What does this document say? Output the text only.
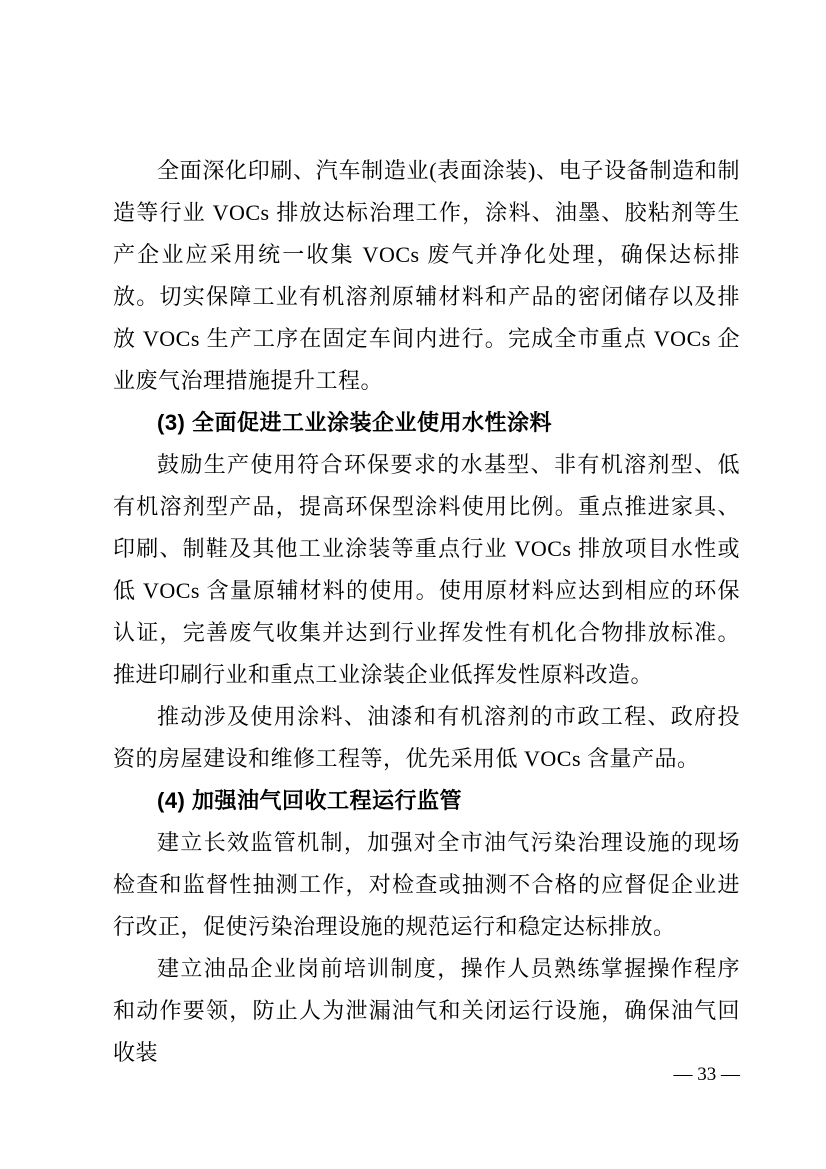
全面深化印刷、汽车制造业(表面涂装)、电子设备制造和制造等行业 VOCs 排放达标治理工作，涂料、油墨、胶粘剂等生产企业应采用统一收集 VOCs 废气并净化处理，确保达标排放。切实保障工业有机溶剂原辅材料和产品的密闭储存以及排放 VOCs 生产工序在固定车间内进行。完成全市重点 VOCs 企业废气治理措施提升工程。

(3) 全面促进工业涂装企业使用水性涂料

鼓励生产使用符合环保要求的水基型、非有机溶剂型、低有机溶剂型产品，提高环保型涂料使用比例。重点推进家具、印刷、制鞋及其他工业涂装等重点行业 VOCs 排放项目水性或低 VOCs 含量原辅材料的使用。使用原材料应达到相应的环保认证，完善废气收集并达到行业挥发性有机化合物排放标准。推进印刷行业和重点工业涂装企业低挥发性原料改造。

推动涉及使用涂料、油漆和有机溶剂的市政工程、政府投资的房屋建设和维修工程等，优先采用低 VOCs 含量产品。

(4) 加强油气回收工程运行监管

建立长效监管机制，加强对全市油气污染治理设施的现场检查和监督性抽测工作，对检查或抽测不合格的应督促企业进行改正，促使污染治理设施的规范运行和稳定达标排放。

建立油品企业岗前培训制度，操作人员熟练掌握操作程序和动作要领，防止人为泄漏油气和关闭运行设施，确保油气回收装

— 33 —
